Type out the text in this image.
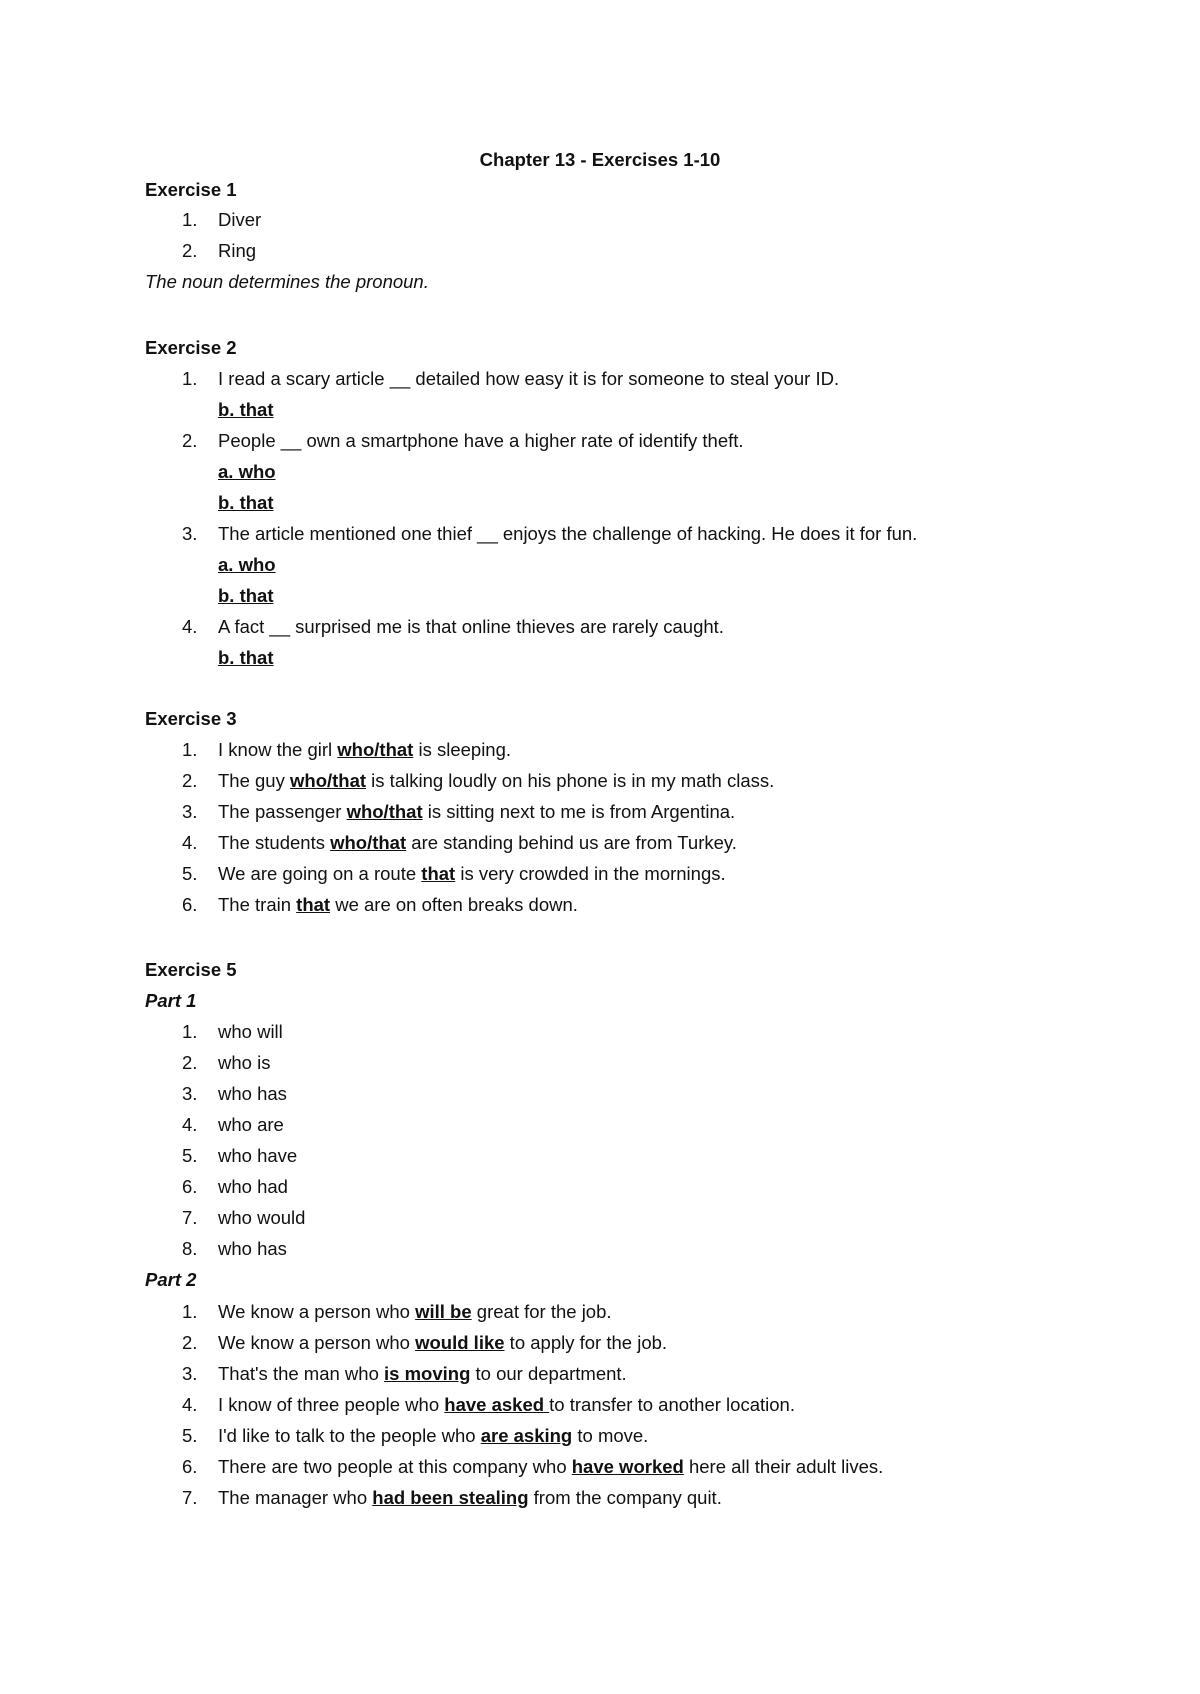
Chapter 13 - Exercises 1-10
Exercise 1
1.	Diver
2.	Ring
The noun determines the pronoun.
Exercise 2
1.	I read a scary article __ detailed how easy it is for someone to steal your ID.
b. that
2.	People __ own a smartphone have a higher rate of identify theft.
a. who
b. that
3.	The article mentioned one thief __ enjoys the challenge of hacking. He does it for fun.
a. who
b. that
4.	A fact __ surprised me is that online thieves are rarely caught.
b. that
Exercise 3
1.	I know the girl who/that is sleeping.
2.	The guy who/that is talking loudly on his phone is in my math class.
3.	The passenger who/that is sitting next to me is from Argentina.
4.	The students who/that are standing behind us are from Turkey.
5.	We are going on a route that is very crowded in the mornings.
6.	The train that we are on often breaks down.
Exercise 5
Part 1
1.	who will
2.	who is
3.	who has
4.	who are
5.	who have
6.	who had
7.	who would
8.	who has
Part 2
1.	We know a person who will be great for the job.
2.	We know a person who would like to apply for the job.
3.	That's the man who is moving to our department.
4.	I know of three people who have asked to transfer to another location.
5.	I'd like to talk to the people who are asking to move.
6.	There are two people at this company who have worked here all their adult lives.
7.	The manager who had been stealing from the company quit.
